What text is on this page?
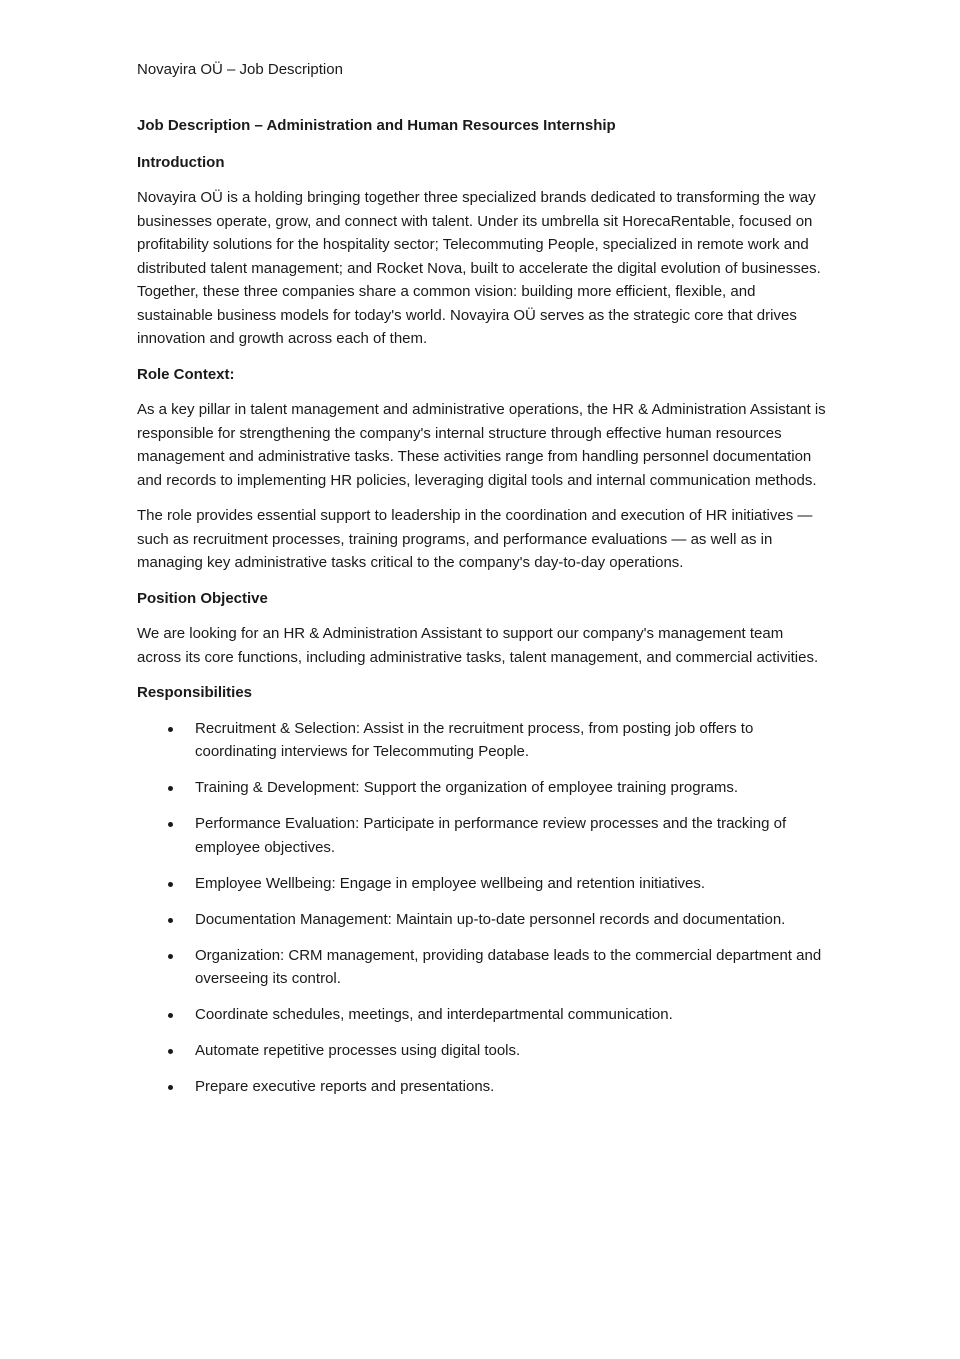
Novayira OÜ – Job Description
Job Description – Administration and Human Resources Internship
Introduction

Novayira OÜ is a holding bringing together three specialized brands dedicated to transforming the way businesses operate, grow, and connect with talent. Under its umbrella sit HorecaRentable, focused on profitability solutions for the hospitality sector; Telecommuting People, specialized in remote work and distributed talent management; and Rocket Nova, built to accelerate the digital evolution of businesses. Together, these three companies share a common vision: building more efficient, flexible, and sustainable business models for today's world. Novayira OÜ serves as the strategic core that drives innovation and growth across each of them.

Role Context:

As a key pillar in talent management and administrative operations, the HR & Administration Assistant is responsible for strengthening the company's internal structure through effective human resources management and administrative tasks. These activities range from handling personnel documentation and records to implementing HR policies, leveraging digital tools and internal communication methods.

The role provides essential support to leadership in the coordination and execution of HR initiatives — such as recruitment processes, training programs, and performance evaluations — as well as in managing key administrative tasks critical to the company's day-to-day operations.

Position Objective

We are looking for an HR & Administration Assistant to support our company's management team across its core functions, including administrative tasks, talent management, and commercial activities.

Responsibilities
Recruitment & Selection: Assist in the recruitment process, from posting job offers to coordinating interviews for Telecommuting People.
Training & Development: Support the organization of employee training programs.
Performance Evaluation: Participate in performance review processes and the tracking of employee objectives.
Employee Wellbeing: Engage in employee wellbeing and retention initiatives.
Documentation Management: Maintain up-to-date personnel records and documentation.
Organization: CRM management, providing database leads to the commercial department and overseeing its control.
Coordinate schedules, meetings, and interdepartmental communication.
Automate repetitive processes using digital tools.
Prepare executive reports and presentations.
